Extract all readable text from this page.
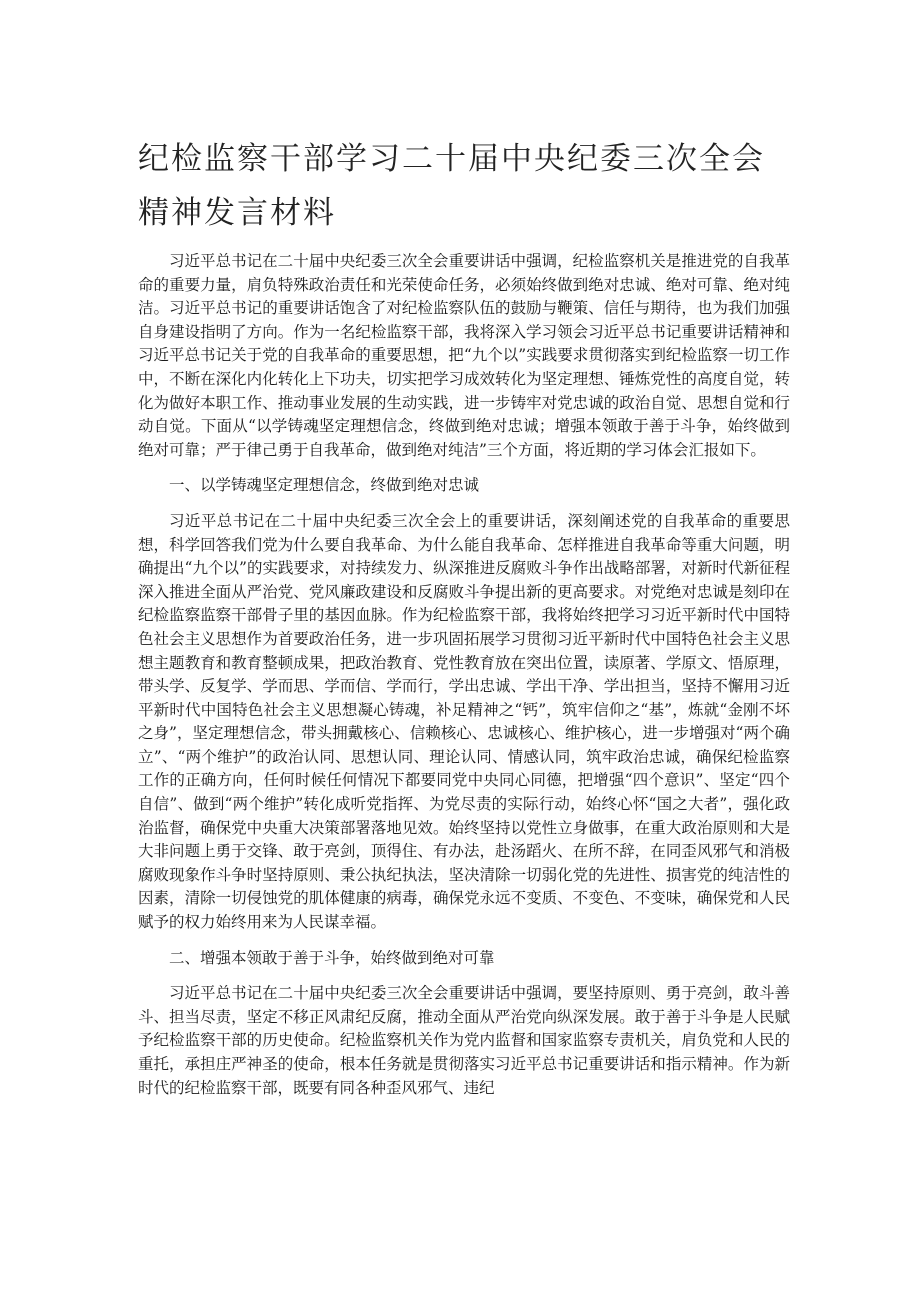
纪检监察干部学习二十届中央纪委三次全会精神发言材料

习近平总书记在二十届中央纪委三次全会重要讲话中强调，纪检监察机关是推进党的自我革命的重要力量，肩负特殊政治责任和光荣使命任务，必须始终做到绝对忠诚、绝对可靠、绝对纯洁。习近平总书记的重要讲话饱含了对纪检监察队伍的鼓励与鞭策、信任与期待，也为我们加强自身建设指明了方向。作为一名纪检监察干部，我将深入学习领会习近平总书记重要讲话精神和习近平总书记关于党的自我革命的重要思想，把“九个以”实践要求贯彻落实到纪检监察一切工作中，不断在深化内化转化上下功夫，切实把学习成效转化为坚定理想、锤炼党性的高度自觉，转化为做好本职工作、推动事业发展的生动实践，进一步铸牢对党忠诚的政治自觉、思想自觉和行动自觉。下面从“以学铸魂坚定理想信念，终做到绝对忠诚；增强本领敢于善于斗争，始终做到绝对可靠；严于律己勇于自我革命，做到绝对纯洁”三个方面，将近期的学习体会汇报如下。

一、以学铸魂坚定理想信念，终做到绝对忠诚

习近平总书记在二十届中央纪委三次全会上的重要讲话，深刻阐述党的自我革命的重要思想，科学回答我们党为什么要自我革命、为什么能自我革命、怎样推进自我革命等重大问题，明确提出“九个以”的实践要求，对持续发力、纵深推进反腐败斗争作出战略部署，对新时代新征程深入推进全面从严治党、党风廉政建设和反腐败斗争提出新的更高要求。对党绝对忠诚是刻印在纪检监察监察干部骨子里的基因血脉。作为纪检监察干部，我将始终把学习习近平新时代中国特色社会主义思想作为首要政治任务，进一步巩固拓展学习贯彻习近平新时代中国特色社会主义思想主题教育和教育整顿成果，把政治教育、党性教育放在突出位置，读原著、学原文、悟原理，带头学、反复学、学而思、学而信、学而行，学出忠诚、学出干净、学出担当，坚持不懈用习近平新时代中国特色社会主义思想凝心铸魂，补足精神之“钙”，筑牢信仰之“基”，炼就“金刚不坏之身”，坚定理想信念，带头拥戴核心、信赖核心、忠诚核心、维护核心，进一步增强对“两个确立”、“两个维护”的政治认同、思想认同、理论认同、情感认同，筑牢政治忠诚，确保纪检监察工作的正确方向，任何时候任何情况下都要同党中央同心同德，把增强“四个意识”、坚定“四个自信”、做到“两个维护”转化成听党指挥、为党尽责的实际行动，始终心怀“国之大者”，强化政治监督，确保党中央重大决策部署落地见效。始终坚持以党性立身做事，在重大政治原则和大是大非问题上勇于交锋、敢于亮剑，顶得住、有办法，赴汤蹈火、在所不辞，在同歪风邪气和消极腐败现象作斗争时坚持原则、秉公执纪执法，坚决清除一切弱化党的先进性、损害党的纯洁性的因素，清除一切侵蚀党的肌体健康的病毒，确保党永远不变质、不变色、不变味，确保党和人民赋予的权力始终用来为人民谋幸福。

二、增强本领敢于善于斗争，始终做到绝对可靠

习近平总书记在二十届中央纪委三次全会重要讲话中强调，要坚持原则、勇于亮剑，敢斗善斗、担当尽责，坚定不移正风肃纪反腐，推动全面从严治党向纵深发展。敢于善于斗争是人民赋予纪检监察干部的历史使命。纪检监察机关作为党内监督和国家监察专责机关，肩负党和人民的重托，承担庄严神圣的使命，根本任务就是贯彻落实习近平总书记重要讲话和指示精神。作为新时代的纪检监察干部，既要有同各种歪风邪气、违纪
